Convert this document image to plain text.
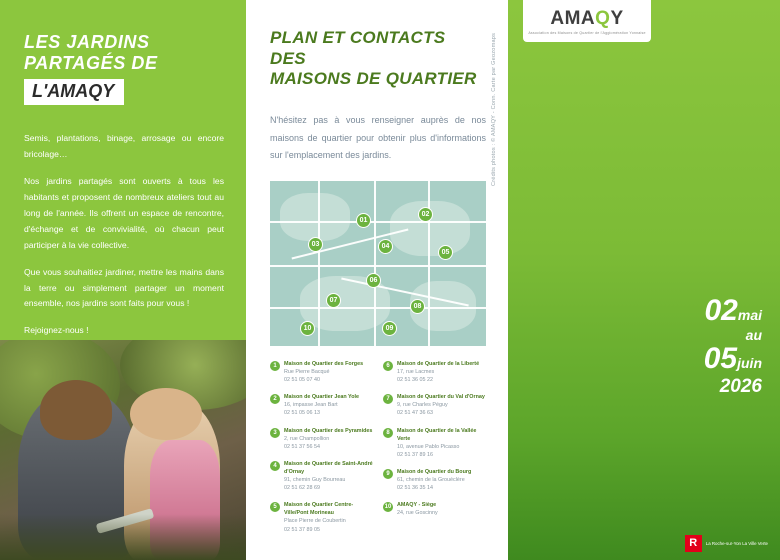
LES JARDINS
PARTAGÉS DE
L'AMAQY

Semis, plantations, binage, arrosage ou encore bricolage…

Nos jardins partagés sont ouverts à tous les habitants et proposent de nombreux ateliers tout au long de l'année. Ils offrent un espace de rencontre, d'échange et de convivialité, où chacun peut participer à la vie collective.

Que vous souhaitiez jardiner, mettre les mains dans la terre ou simplement partager un moment ensemble, nos jardins sont faits pour vous !

Rejoignez-nous !

PLAN ET CONTACTS DES
MAISONS DE QUARTIER
N'hésitez pas à vous renseigner auprès de nos maisons de quartier pour obtenir plus d'informations sur l'emplacement des jardins.
01
02
03	04
05
06
07
08
09
10
1	Maison de Quartier des Forges
Rue Pierre Bacqué
02 51 05 07 40
2	Maison de Quartier Jean Yole
16, impasse Jean Bart
02 51 05 06 13
3	Maison de Quartier des Pyramides
2, rue Champollion
02 51 37 56 54
4	Maison de Quartier de Saint-André d'Ornay
91, chemin Guy Bourreau
02 51 62 28 69
5	Maison de Quartier Centre-Ville/Pont Morineau
Place Pierre de Coubertin
02 51 37 89 05
6	Maison de Quartier de la Liberté
17, rue Lacmes
02 51 36 05 22
7	Maison de Quartier du Val d'Ornay
9, rue Charles Péguy
02 51 47 36 63
8	Maison de Quartier de la Vallée Verte
10, avenue Pablo Picasso
02 51 37 89 16
9	Maison de Quartier du Bourg
61, chemin de la Grouéclère
02 51 36 35 14
10	AMAQY - Siège
24, rue Goscinny
Crédits photos : © AMAQY - Conn. Carte par Geozomaps
02mai
au
05juin
2026
R	La Roche-sur-Yon La Ville Verte
AMAQY
Association des Maisons de Quartier de l'Agglomération Yonnaise
